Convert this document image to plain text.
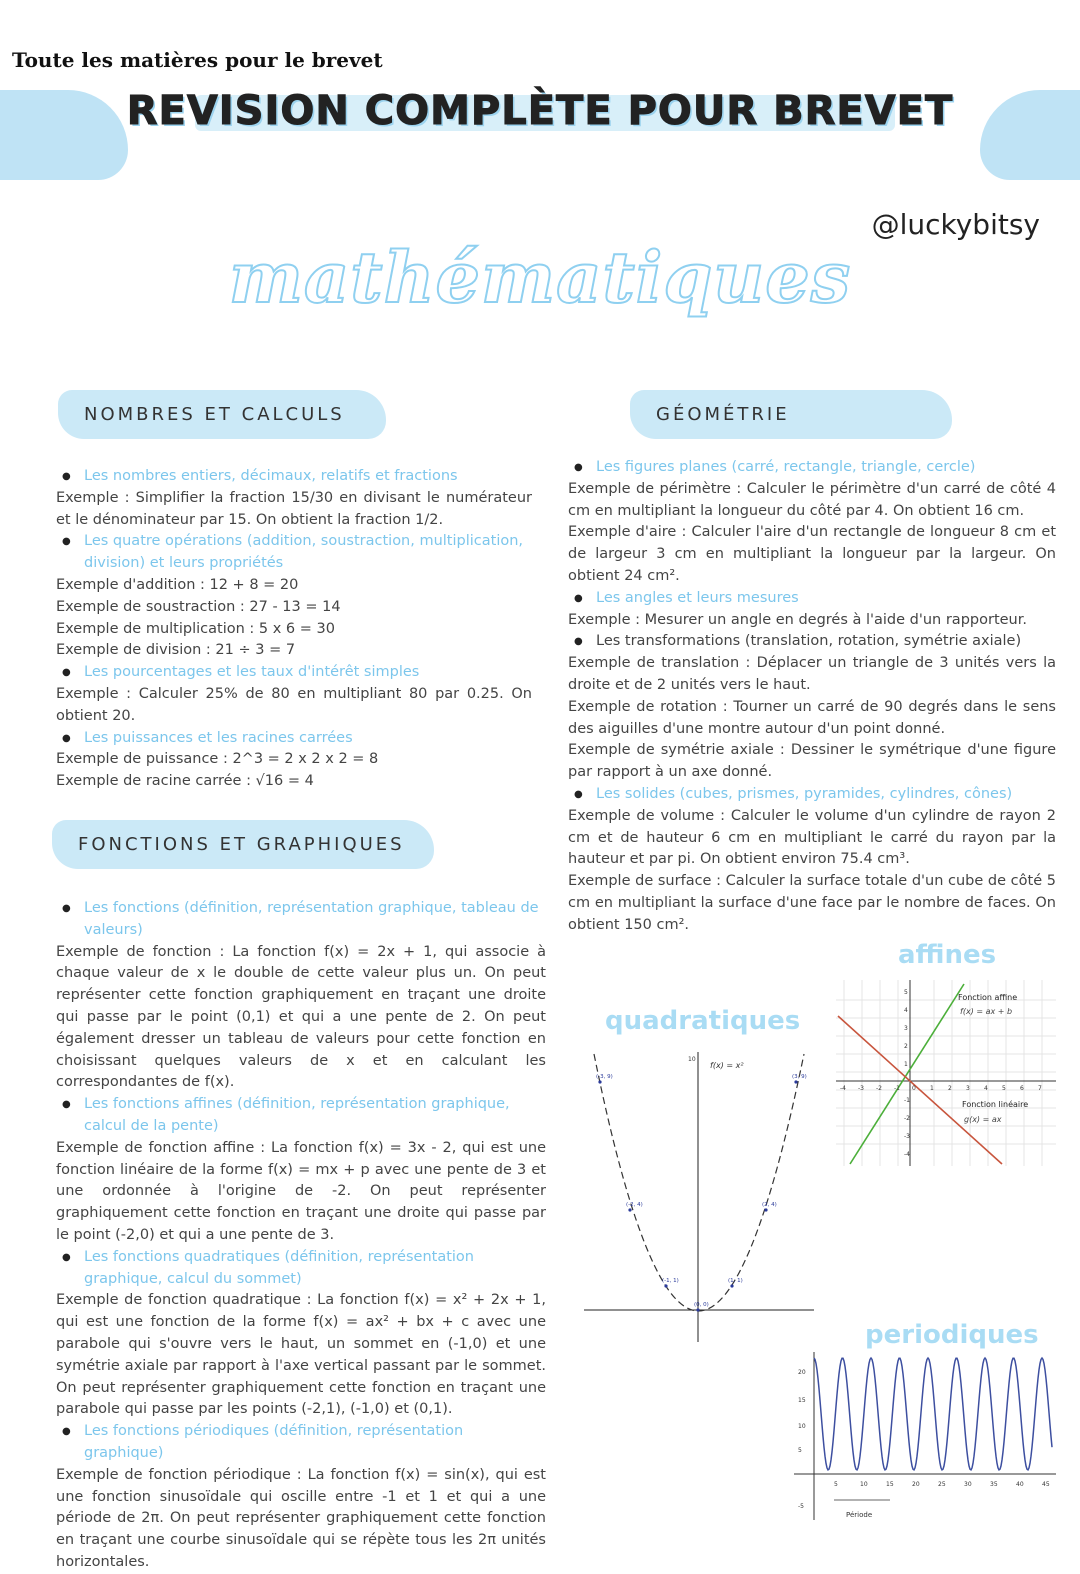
Toute les matières pour le brevet
REVISION COMPLÈTE POUR BREVET
@luckybitsy
mathématiques
NOMBRES ET CALCULS

● Les nombres entiers, décimaux, relatifs et fractions

Exemple : Simplifier la fraction 15/30 en divisant le numérateur et le dénominateur par 15. On obtient la fraction 1/2.

● Les quatre opérations (addition, soustraction, multiplication, division) et leurs propriétés

Exemple d'addition : 12 + 8 = 20

Exemple de soustraction : 27 - 13 = 14

Exemple de multiplication : 5 x 6 = 30

Exemple de division : 21 ÷ 3 = 7

● Les pourcentages et les taux d'intérêt simples

Exemple : Calculer 25% de 80 en multipliant 80 par 0.25. On obtient 20.

● Les puissances et les racines carrées

Exemple de puissance : 2^3 = 2 x 2 x 2 = 8

Exemple de racine carrée : √16 = 4

FONCTIONS ET GRAPHIQUES

● Les fonctions (définition, représentation graphique, tableau de valeurs)

Exemple de fonction : La fonction f(x) = 2x + 1, qui associe à chaque valeur de x le double de cette valeur plus un. On peut représenter cette fonction graphiquement en traçant une droite qui passe par le point (0,1) et qui a une pente de 2. On peut également dresser un tableau de valeurs pour cette fonction en choisissant quelques valeurs de x et en calculant les correspondantes de f(x).

● Les fonctions affines (définition, représentation graphique, calcul de la pente)

Exemple de fonction affine : La fonction f(x) = 3x - 2, qui est une fonction linéaire de la forme f(x) = mx + p avec une pente de 3 et une ordonnée à l'origine de -2. On peut représenter graphiquement cette fonction en traçant une droite qui passe par le point (-2,0) et qui a une pente de 3.

● Les fonctions quadratiques (définition, représentation graphique, calcul du sommet)

Exemple de fonction quadratique : La fonction f(x) = x² + 2x + 1, qui est une fonction de la forme f(x) = ax² + bx + c avec une parabole qui s'ouvre vers le haut, un sommet en (-1,0) et une symétrie axiale par rapport à l'axe vertical passant par le sommet. On peut représenter graphiquement cette fonction en traçant une parabole qui passe par les points (-2,1), (-1,0) et (0,1).

● Les fonctions périodiques (définition, représentation graphique)

Exemple de fonction périodique : La fonction f(x) = sin(x), qui est une fonction sinusoïdale qui oscille entre -1 et 1 et qui a une période de 2π. On peut représenter graphiquement cette fonction en traçant une courbe sinusoïdale qui se répète tous les 2π unités horizontales.

GÉOMÉTRIE

● Les figures planes (carré, rectangle, triangle, cercle)

Exemple de périmètre : Calculer le périmètre d'un carré de côté 4 cm en multipliant la longueur du côté par 4. On obtient 16 cm.

Exemple d'aire : Calculer l'aire d'un rectangle de longueur 8 cm et de largeur 3 cm en multipliant la longueur par la largeur. On obtient 24 cm².

● Les angles et leurs mesures

Exemple : Mesurer un angle en degrés à l'aide d'un rapporteur.

● Les transformations (translation, rotation, symétrie axiale)

Exemple de translation : Déplacer un triangle de 3 unités vers la droite et de 2 unités vers le haut.

Exemple de rotation : Tourner un carré de 90 degrés dans le sens des aiguilles d'une montre autour d'un point donné.

Exemple de symétrie axiale : Dessiner le symétrique d'une figure par rapport à un axe donné.

● Les solides (cubes, prismes, pyramides, cylindres, cônes)

Exemple de volume : Calculer le volume d'un cylindre de rayon 2 cm et de hauteur 6 cm en multipliant le carré du rayon par la hauteur et par pi. On obtient environ 75.4 cm³.

Exemple de surface : Calculer la surface totale d'un cube de côté 5 cm en multipliant la surface d'une face par le nombre de faces. On obtient 150 cm².

affines
quadratiques
periodiques
-4 -3 -2 -1 0 1 2 3 4 5 6 7
5
4
3
2
1
-1
-2
-3
-4
Fonction affine
f(x) = ax + b
Fonction linéaire
g(x) = ax
10
f(x) = x²
(-3, 9)	(3, 9)
(-2, 4)	(2, 4)
(-1, 1)	(1, 1)
(0, 0)
20
15
10
5
-5
5	10	15	20	25	30	35	40	45
Période
